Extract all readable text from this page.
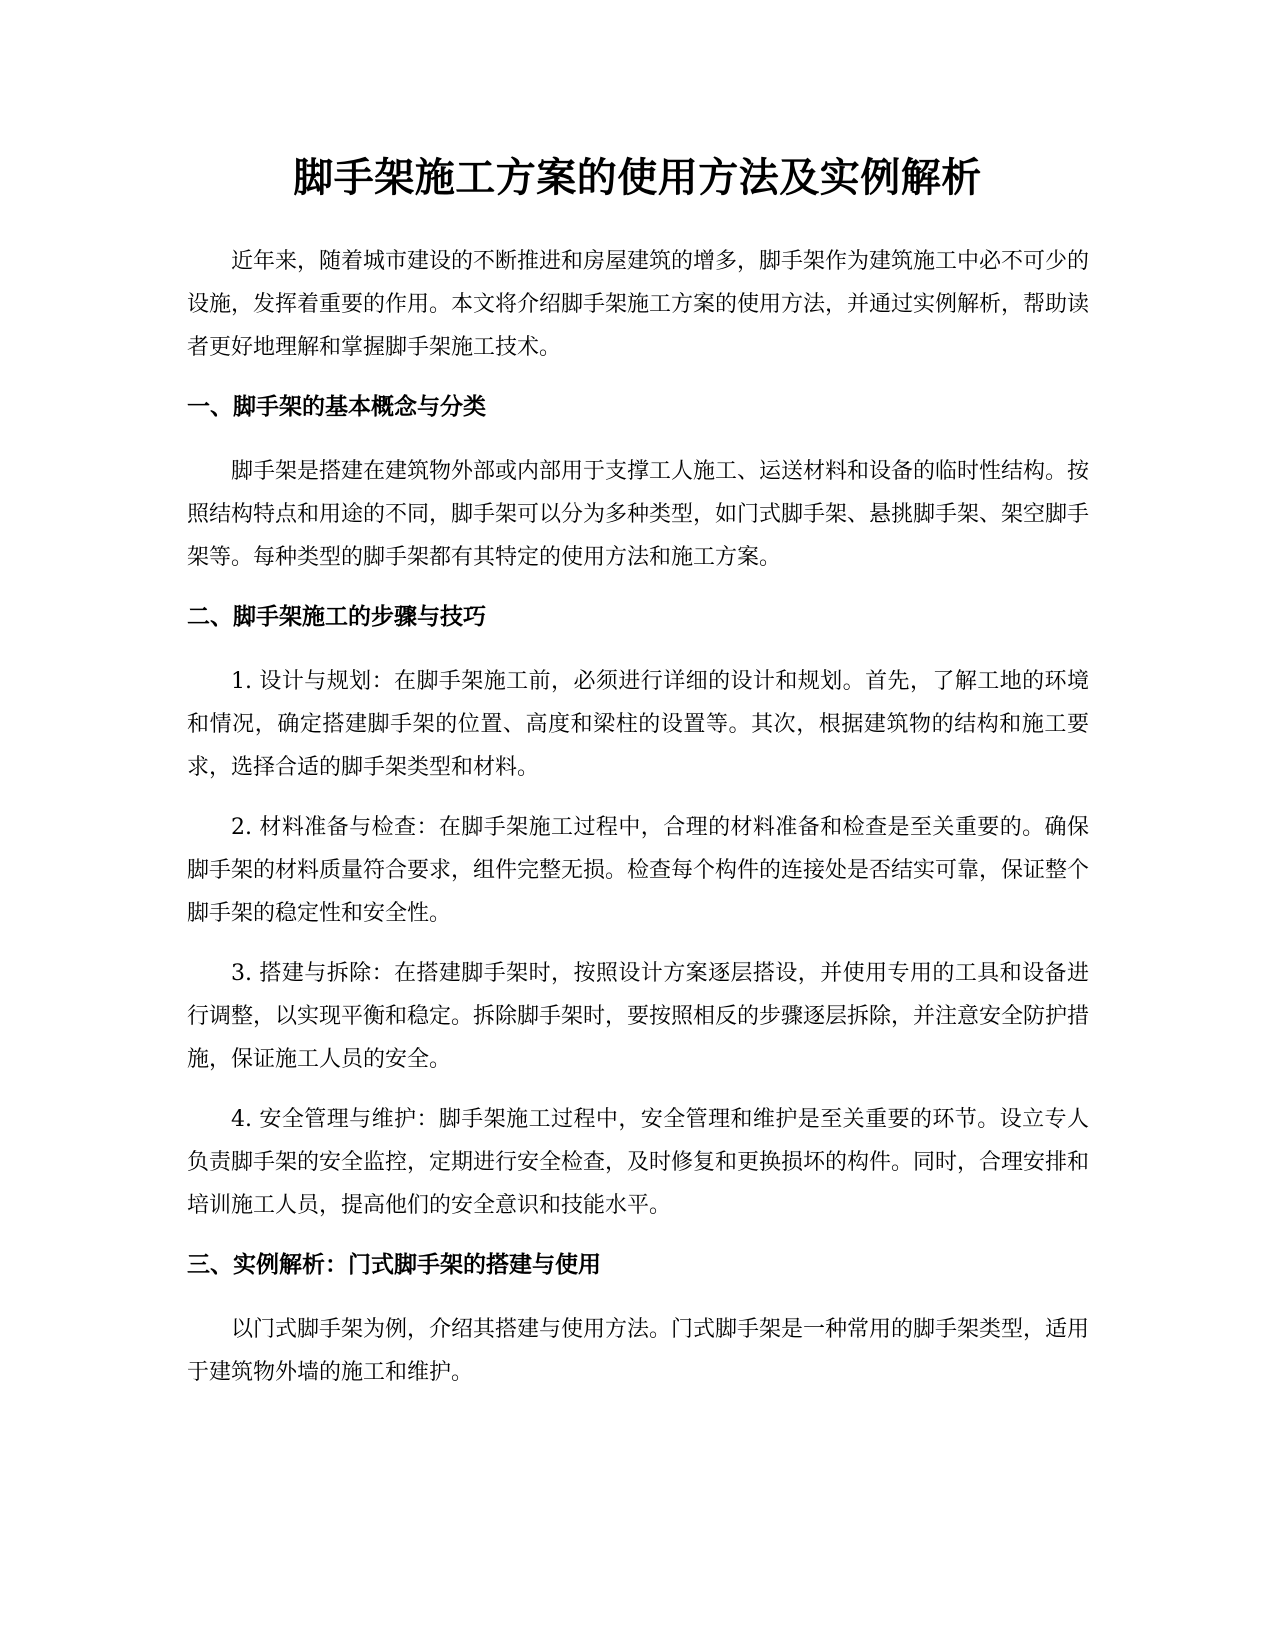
脚手架施工方案的使用方法及实例解析

近年来，随着城市建设的不断推进和房屋建筑的增多，脚手架作为建筑施工中必不可少的设施，发挥着重要的作用。本文将介绍脚手架施工方案的使用方法，并通过实例解析，帮助读者更好地理解和掌握脚手架施工技术。

一、脚手架的基本概念与分类

脚手架是搭建在建筑物外部或内部用于支撑工人施工、运送材料和设备的临时性结构。按照结构特点和用途的不同，脚手架可以分为多种类型，如门式脚手架、悬挑脚手架、架空脚手架等。每种类型的脚手架都有其特定的使用方法和施工方案。

二、脚手架施工的步骤与技巧

1. 设计与规划：在脚手架施工前，必须进行详细的设计和规划。首先，了解工地的环境和情况，确定搭建脚手架的位置、高度和梁柱的设置等。其次，根据建筑物的结构和施工要求，选择合适的脚手架类型和材料。

2. 材料准备与检查：在脚手架施工过程中，合理的材料准备和检查是至关重要的。确保脚手架的材料质量符合要求，组件完整无损。检查每个构件的连接处是否结实可靠，保证整个脚手架的稳定性和安全性。

3. 搭建与拆除：在搭建脚手架时，按照设计方案逐层搭设，并使用专用的工具和设备进行调整，以实现平衡和稳定。拆除脚手架时，要按照相反的步骤逐层拆除，并注意安全防护措施，保证施工人员的安全。

4. 安全管理与维护：脚手架施工过程中，安全管理和维护是至关重要的环节。设立专人负责脚手架的安全监控，定期进行安全检查，及时修复和更换损坏的构件。同时，合理安排和培训施工人员，提高他们的安全意识和技能水平。

三、实例解析：门式脚手架的搭建与使用

以门式脚手架为例，介绍其搭建与使用方法。门式脚手架是一种常用的脚手架类型，适用于建筑物外墙的施工和维护。
